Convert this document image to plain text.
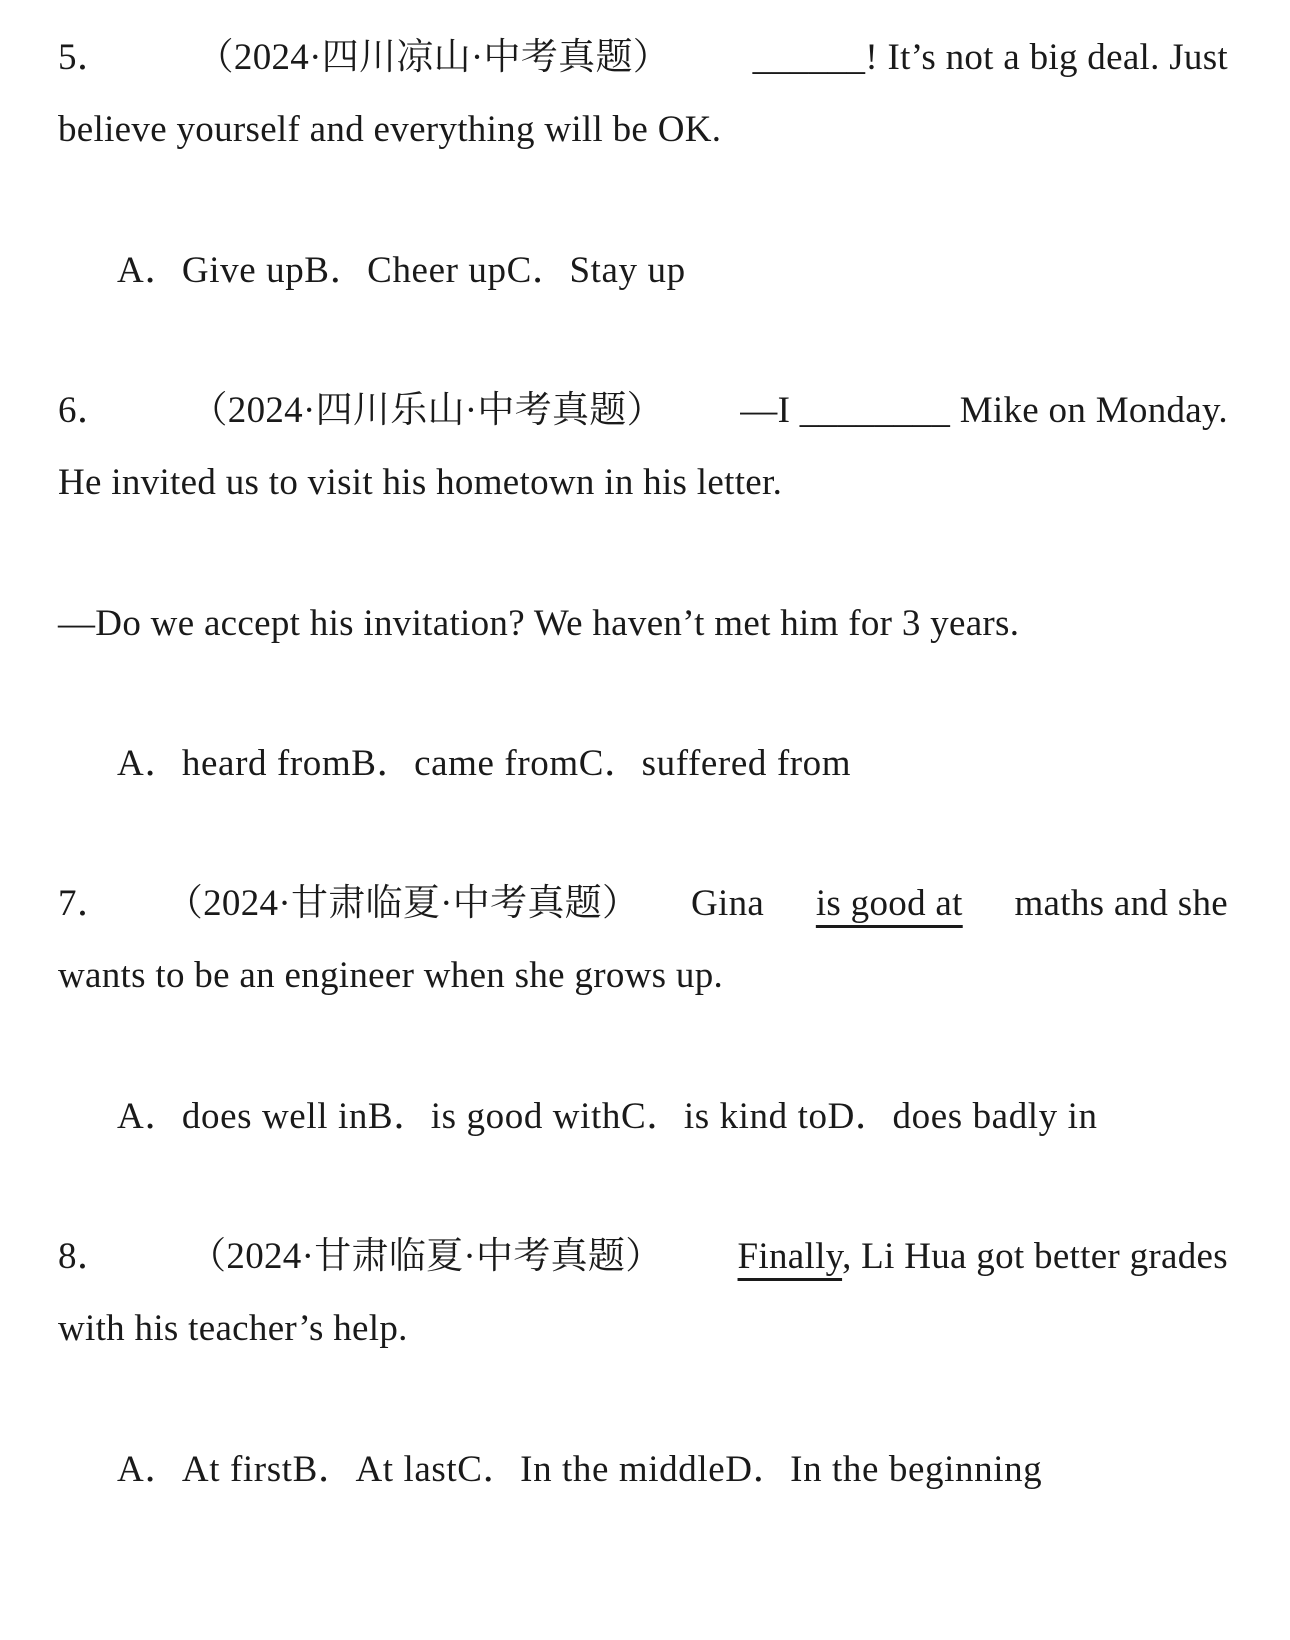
5． （2024·四川凉山·中考真题） ______! It’s not a big deal. Just
believe yourself and everything will be OK.
A．Give upB．Cheer upC．Stay up
6． （2024·四川乐山·中考真题） —I ________ Mike on Monday.
He invited us to visit his hometown in his letter.
—Do we accept his invitation? We haven’t met him for 3 years.
A．heard fromB．came fromC．suffered from
7． （2024·甘肃临夏·中考真题） Gina is good at maths and she
wants to be an engineer when she grows up.
A．does well inB．is good withC．is kind toD．does badly in
8． （2024·甘肃临夏·中考真题） Finally, Li Hua got better grades
with his teacher’s help.
A．At firstB．At lastC．In the middleD．In the beginning
